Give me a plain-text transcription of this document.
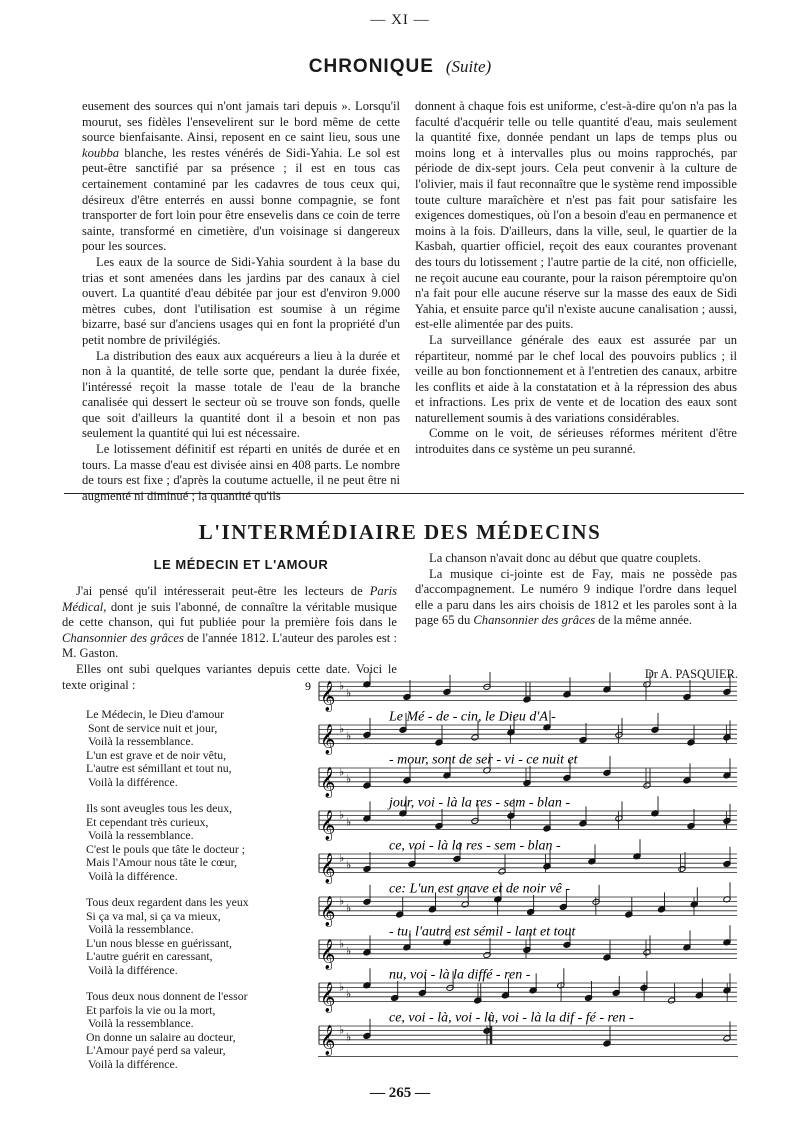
— XI —
CHRONIQUE (Suite)

eusement des sources qui n'ont jamais tari depuis ». Lorsqu'il mourut, ses fidèles l'ensevelirent sur le bord même de cette source bienfaisante. Ainsi, reposent en ce saint lieu, sous une koubba blanche, les restes vénérés de Sidi-Yahia. Le sol est peut-être sanctifié par sa présence ; il est en tous cas certainement contaminé par les cadavres de tous ceux qui, désireux d'être enterrés en aussi bonne compagnie, se font transporter de fort loin pour être ensevelis dans ce coin de terre sainte, transformé en cimetière, d'un voisinage si dangereux pour les sources.

Les eaux de la source de Sidi-Yahia sourdent à la base du trias et sont amenées dans les jardins par des canaux à ciel ouvert. La quantité d'eau débitée par jour est d'environ 9.000 mètres cubes, dont l'utilisation est soumise à un régime bizarre, basé sur d'anciens usages qui en font la propriété d'un petit nombre de privilégiés.

La distribution des eaux aux acquéreurs a lieu à la durée et non à la quantité, de telle sorte que, pendant la durée fixée, l'intéressé reçoit la masse totale de l'eau de la branche canalisée qui dessert le secteur où se trouve son fonds, quelle que soit d'ailleurs la quantité dont il a besoin et non pas seulement la quantité qui lui est nécessaire.

Le lotissement définitif est réparti en unités de durée et en tours. La masse d'eau est divisée ainsi en 408 parts. Le nombre de tours est fixe ; d'après la coutume actuelle, il ne peut être ni augmenté ni diminué ; la quantité qu'ils

donnent à chaque fois est uniforme, c'est-à-dire qu'on n'a pas la faculté d'acquérir telle ou telle quantité d'eau, mais seulement la quantité fixe, donnée pendant un laps de temps plus ou moins long et à intervalles plus ou moins rapprochés, par période de dix-sept jours. Cela peut convenir à la culture de l'olivier, mais il faut reconnaître que le système rend impossible toute culture maraîchère et n'est pas fait pour satisfaire les exigences domestiques, où l'on a besoin d'eau en permanence et moins à la fois. D'ailleurs, dans la ville, seul, le quartier de la Kasbah, quartier officiel, reçoit des eaux courantes provenant des tours du lotissement ; l'autre partie de la cité, non officielle, ne reçoit aucune eau courante, pour la raison péremptoire qu'on n'a fait pour elle aucune réserve sur la masse des eaux de Sidi Yahia, et ensuite parce qu'il n'existe aucune canalisation ; aussi, est-elle alimentée par des puits.

La surveillance générale des eaux est assurée par un répartiteur, nommé par le chef local des pouvoirs publics ; il veille au bon fonctionnement et à l'entretien des canaux, arbitre les conflits et aide à la constatation et à la répression des abus et infractions. Les prix de vente et de location des eaux sont naturellement soumis à des variations considérables.

Comme on le voit, de sérieuses réformes méritent d'être introduites dans ce système un peu suranné.

L'INTERMÉDIAIRE DES MÉDECINS
LE MÉDECIN ET L'AMOUR

J'ai pensé qu'il intéresserait peut-être les lecteurs de Paris Médical, dont je suis l'abonné, de connaître la véritable musique de cette chanson, qui fut publiée pour la première fois dans le Chansonnier des grâces de l'année 1812. L'auteur des paroles est : M. Gaston.

Elles ont subi quelques variantes depuis cette date. Voici le texte original :

La chanson n'avait donc au début que quatre couplets.

La musique ci-jointe est de Fay, mais ne possède pas d'accompagnement. Le numéro 9 indique l'ordre dans lequel elle a paru dans les airs choisis de 1812 et les paroles sont à la page 65 du Chansonnier des grâces de la même année.

Dr A. PASQUIER.
Le Médecin, le Dieu d'amour
Sont de service nuit et jour,
Voilà la ressemblance.
L'un est grave et de noir vêtu,
L'autre est sémillant et tout nu,
Voilà la différence.
Ils sont aveugles tous les deux,
Et cependant très curieux,
Voilà la ressemblance.
C'est le pouls que tâte le docteur ;
Mais l'Amour nous tâte le cœur,
Voilà la différence.
Tous deux regardent dans les yeux
Si ça va mal, si ça va mieux,
Voilà la ressemblance.
L'un nous blesse en guérissant,
L'autre guérit en caressant,
Voilà la différence.
Tous deux nous donnent de l'essor
Et parfois la vie ou la mort,
Voilà la ressemblance.
On donne un salaire au docteur,
L'Amour payé perd sa valeur,
Voilà la différence.
9 𝄞 ♭
♭
Le Mé - de - cin, le Dieu d'A -
𝄞 ♭
♭
- mour, sont de ser - vi - ce nuit et
𝄞 ♭
♭
jour, voi - là la res - sem - blan -
𝄞 ♭
♭
ce, voi - là la res - sem - blan -
𝄞 ♭
♭
ce: L'un est grave et de noir vê -
𝄞 ♭
♭
- tu, l'autre est sémil - lant et tout
𝄞 ♭
♭
nu, voi - là la diffé - ren -
𝄞 ♭
♭
ce, voi - là, voi - là, voi - là la dif - fé - ren -
𝄞 ♭
♭
— 265 —
